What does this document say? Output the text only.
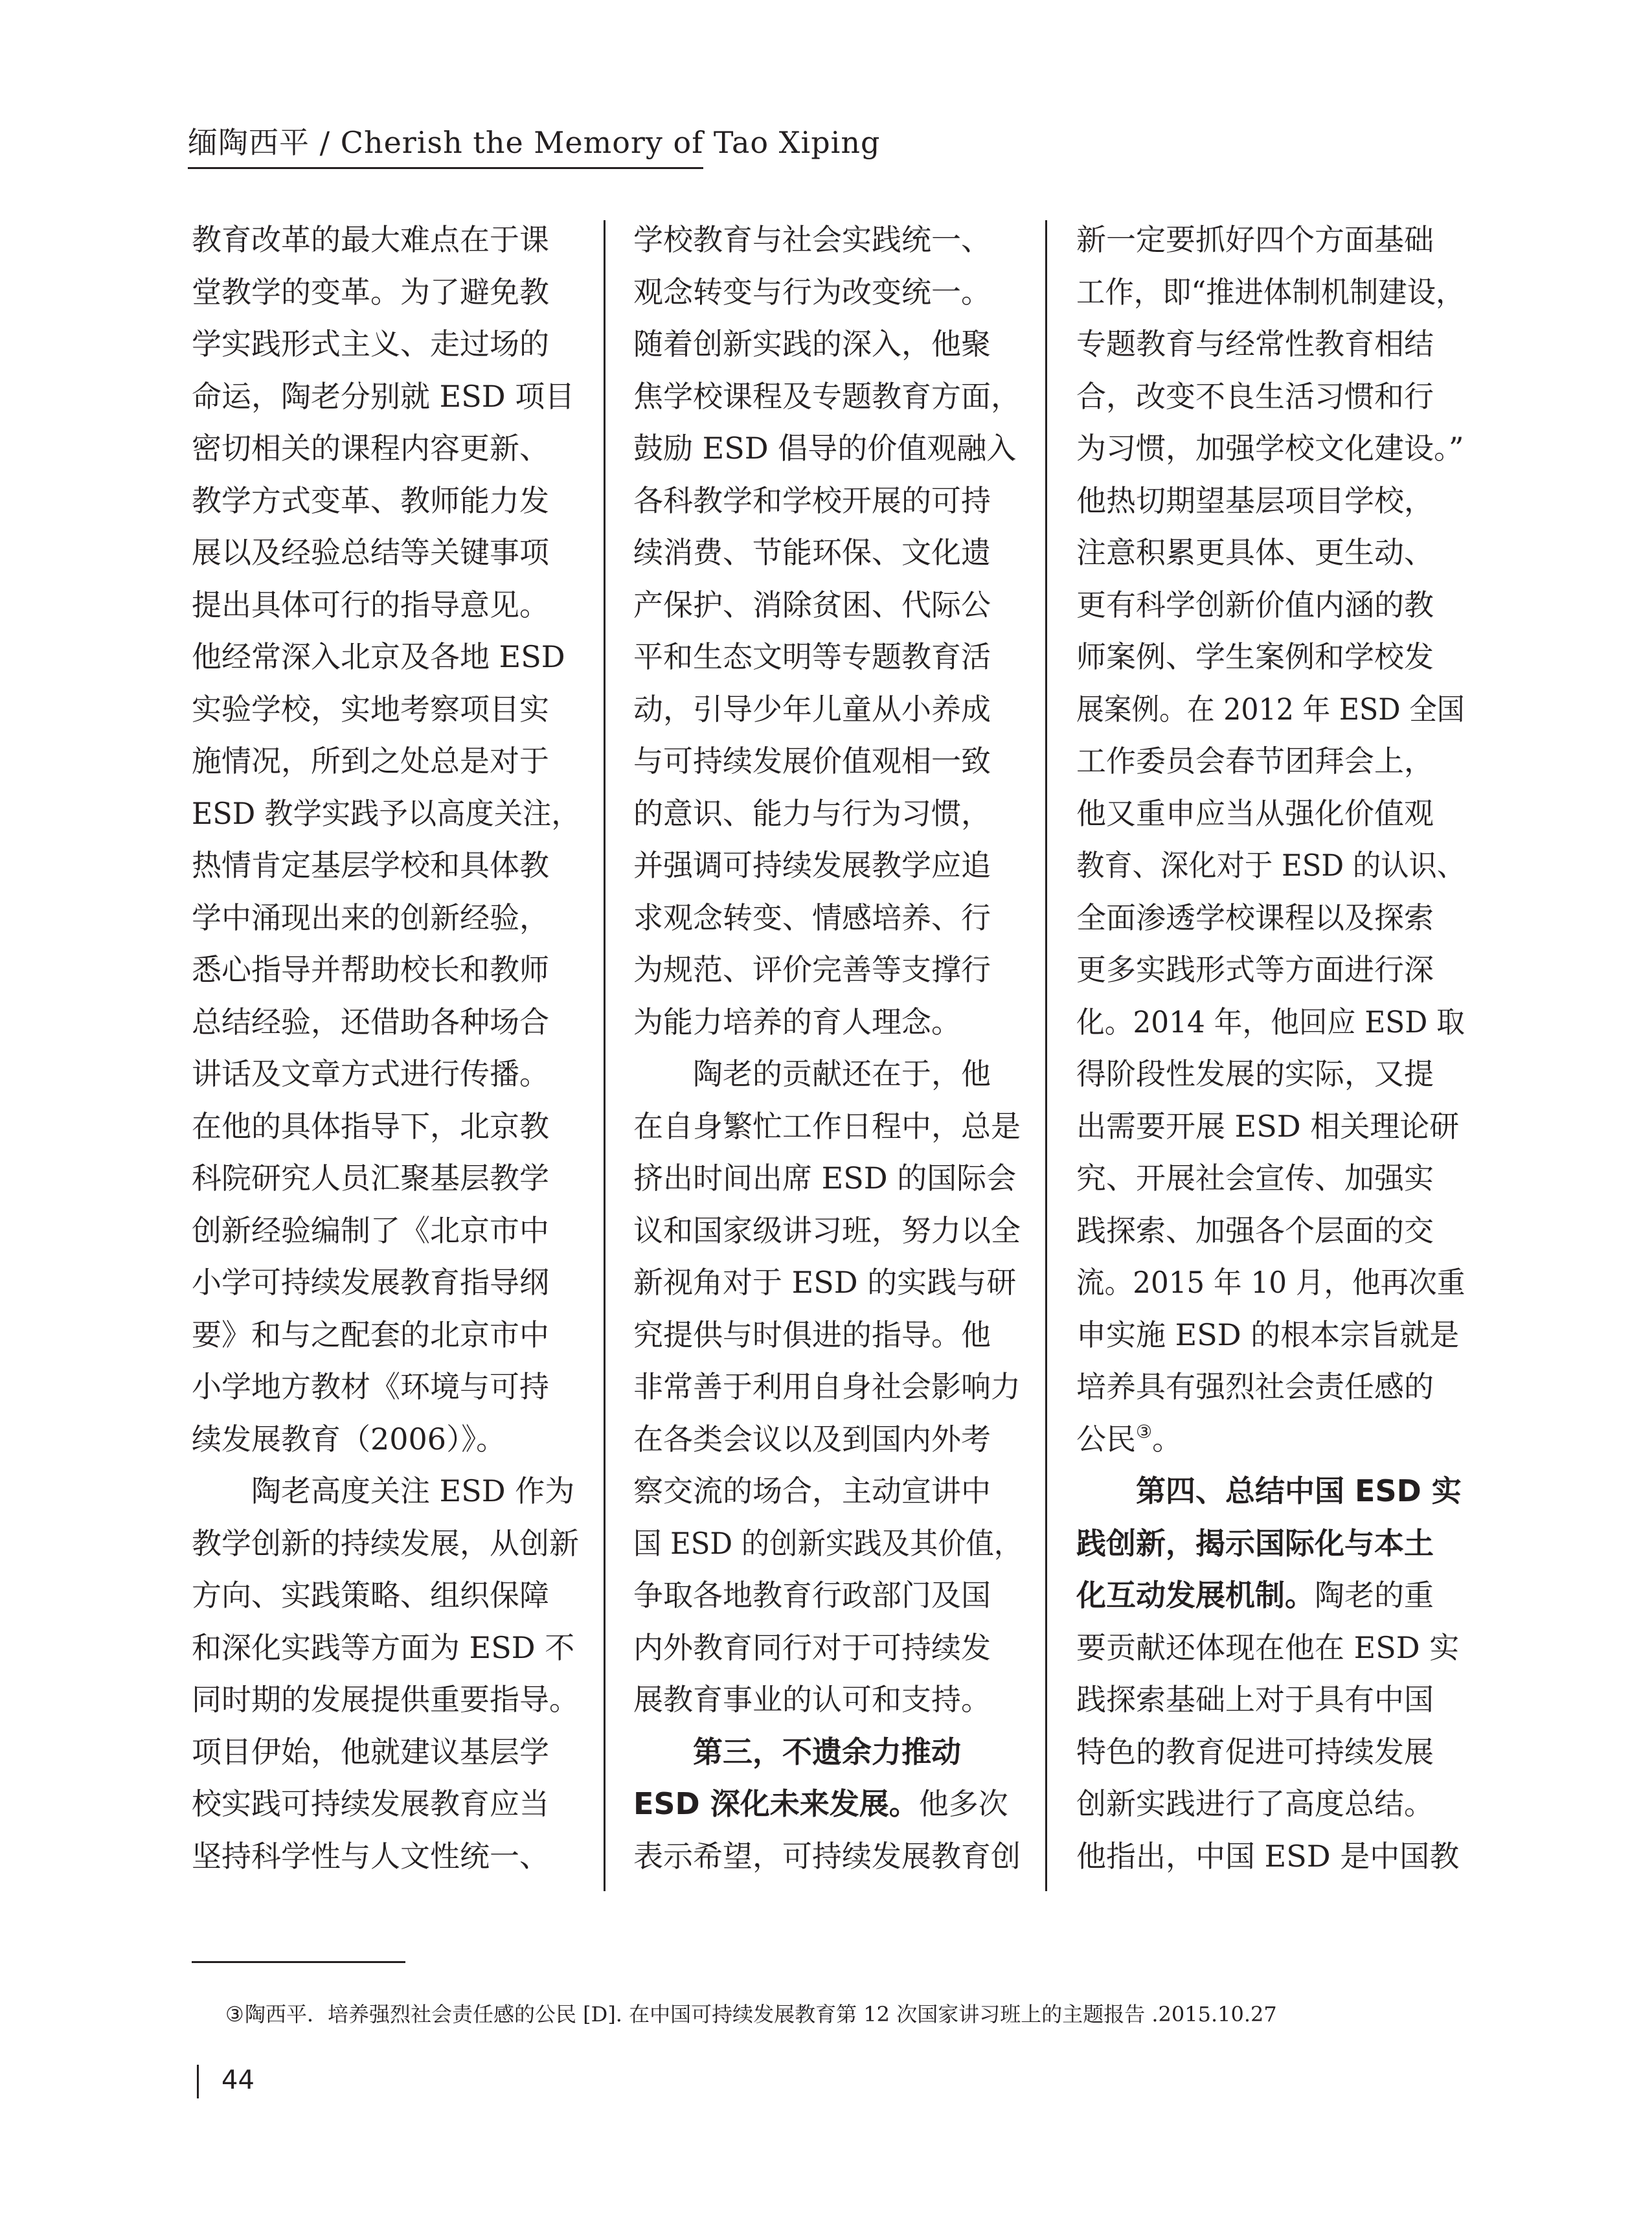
缅陶西平 / Cherish the Memory of Tao Xiping
教育改革的最大难点在于课
堂教学的变革。为了避免教
学实践形式主义、走过场的
命运，陶老分别就 ESD 项目
密切相关的课程内容更新、
教学方式变革、教师能力发
展以及经验总结等关键事项
提出具体可行的指导意见。
他经常深入北京及各地 ESD
实验学校，实地考察项目实
施情况，所到之处总是对于
ESD 教学实践予以高度关注，
热情肯定基层学校和具体教
学中涌现出来的创新经验，
悉心指导并帮助校长和教师
总结经验，还借助各种场合
讲话及文章方式进行传播。
在他的具体指导下，北京教
科院研究人员汇聚基层教学
创新经验编制了《北京市中
小学可持续发展教育指导纲
要》和与之配套的北京市中
小学地方教材《环境与可持
续发展教育（2006）》。
陶老高度关注 ESD 作为
教学创新的持续发展，从创新
方向、实践策略、组织保障
和深化实践等方面为 ESD 不
同时期的发展提供重要指导。
项目伊始，他就建议基层学
校实践可持续发展教育应当
坚持科学性与人文性统一、
学校教育与社会实践统一、
观念转变与行为改变统一。
随着创新实践的深入，他聚
焦学校课程及专题教育方面，
鼓励 ESD 倡导的价值观融入
各科教学和学校开展的可持
续消费、节能环保、文化遗
产保护、消除贫困、代际公
平和生态文明等专题教育活
动，引导少年儿童从小养成
与可持续发展价值观相一致
的意识、能力与行为习惯，
并强调可持续发展教学应追
求观念转变、情感培养、行
为规范、评价完善等支撑行
为能力培养的育人理念。
陶老的贡献还在于，他
在自身繁忙工作日程中，总是
挤出时间出席 ESD 的国际会
议和国家级讲习班，努力以全
新视角对于 ESD 的实践与研
究提供与时俱进的指导。他
非常善于利用自身社会影响力
在各类会议以及到国内外考
察交流的场合，主动宣讲中
国 ESD 的创新实践及其价值，
争取各地教育行政部门及国
内外教育同行对于可持续发
展教育事业的认可和支持。
第三，不遗余力推动
ESD 深化未来发展。他多次
表示希望，可持续发展教育创
新一定要抓好四个方面基础
工作，即“推进体制机制建设，
专题教育与经常性教育相结
合，改变不良生活习惯和行
为习惯，加强学校文化建设。”
他热切期望基层项目学校，
注意积累更具体、更生动、
更有科学创新价值内涵的教
师案例、学生案例和学校发
展案例。在 2012 年 ESD 全国
工作委员会春节团拜会上，
他又重申应当从强化价值观
教育、深化对于 ESD 的认识、
全面渗透学校课程以及探索
更多实践形式等方面进行深
化。2014 年，他回应 ESD 取
得阶段性发展的实际，又提
出需要开展 ESD 相关理论研
究、开展社会宣传、加强实
践探索、加强各个层面的交
流。2015 年 10 月，他再次重
申实施 ESD 的根本宗旨就是
培养具有强烈社会责任感的
公民③。
第四、总结中国 ESD 实
践创新，揭示国际化与本土
化互动发展机制。陶老的重
要贡献还体现在他在 ESD 实
践探索基础上对于具有中国
特色的教育促进可持续发展
创新实践进行了高度总结。
他指出，中国 ESD 是中国教
③ 陶西平．培养强烈社会责任感的公民 [D]. 在中国可持续发展教育第 12 次国家讲习班上的主题报告 .2015.10.27
44
